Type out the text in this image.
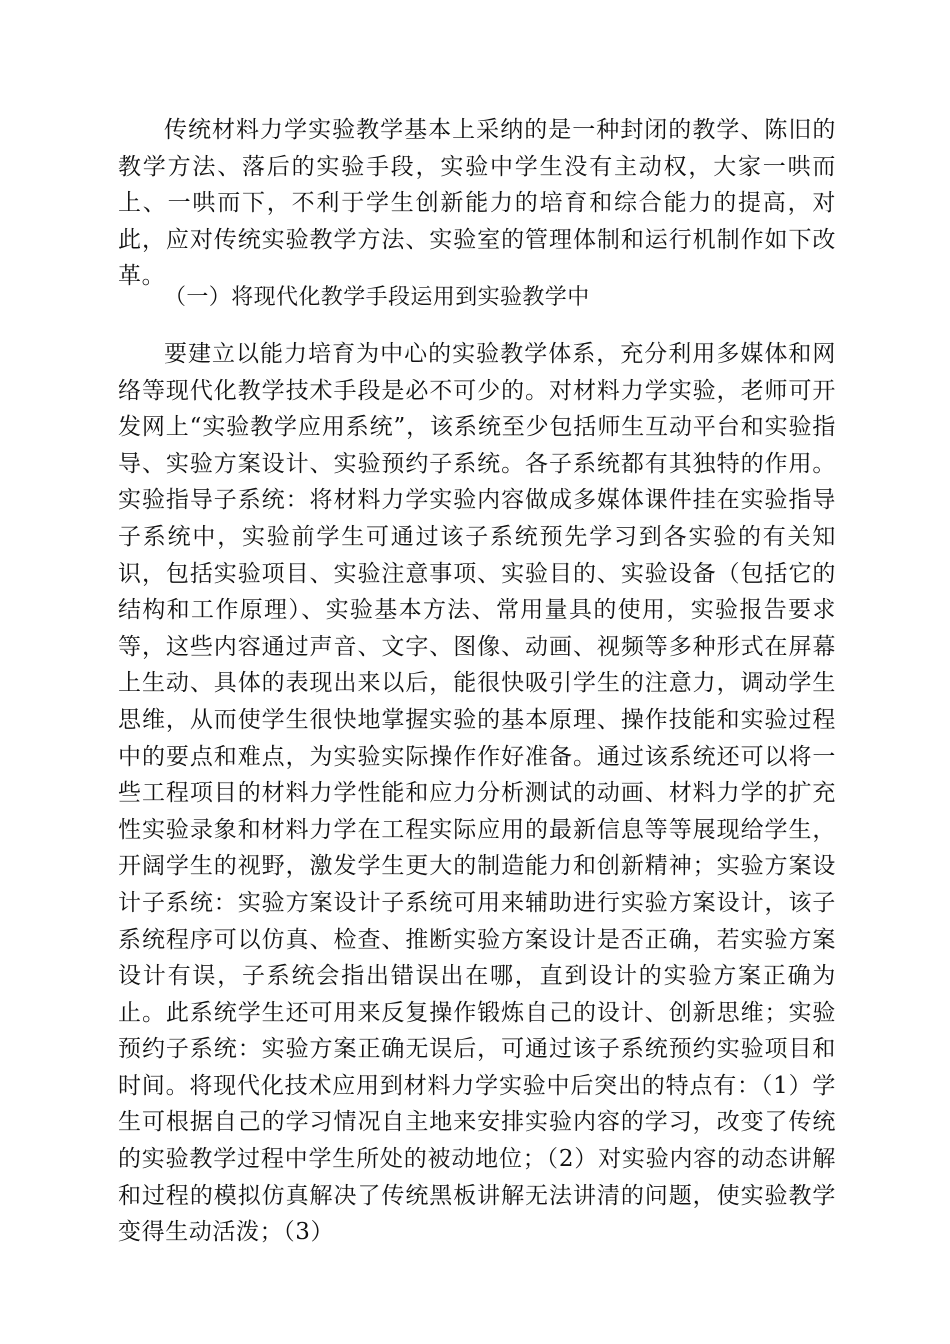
传统材料力学实验教学基本上采纳的是一种封闭的教学、陈旧的教学方法、落后的实验手段，实验中学生没有主动权，大家一哄而上、一哄而下，不利于学生创新能力的培育和综合能力的提高，对此，应对传统实验教学方法、实验室的管理体制和运行机制作如下改革。

（一）将现代化教学手段运用到实验教学中

要建立以能力培育为中心的实验教学体系，充分利用多媒体和网络等现代化教学技术手段是必不可少的。对材料力学实验，老师可开发网上“实验教学应用系统”，该系统至少包括师生互动平台和实验指导、实验方案设计、实验预约子系统。各子系统都有其独特的作用。实验指导子系统：将材料力学实验内容做成多媒体课件挂在实验指导子系统中，实验前学生可通过该子系统预先学习到各实验的有关知识，包括实验项目、实验注意事项、实验目的、实验设备（包括它的结构和工作原理）、实验基本方法、常用量具的使用，实验报告要求等，这些内容通过声音、文字、图像、动画、视频等多种形式在屏幕上生动、具体的表现出来以后，能很快吸引学生的注意力，调动学生思维，从而使学生很快地掌握实验的基本原理、操作技能和实验过程中的要点和难点，为实验实际操作作好准备。通过该系统还可以将一些工程项目的材料力学性能和应力分析测试的动画、材料力学的扩充性实验录象和材料力学在工程实际应用的最新信息等等展现给学生，开阔学生的视野，激发学生更大的制造能力和创新精神；实验方案设计子系统：实验方案设计子系统可用来辅助进行实验方案设计，该子系统程序可以仿真、检查、推断实验方案设计是否正确，若实验方案设计有误，子系统会指出错误出在哪，直到设计的实验方案正确为止。此系统学生还可用来反复操作锻炼自己的设计、创新思维；实验预约子系统：实验方案正确无误后，可通过该子系统预约实验项目和时间。将现代化技术应用到材料力学实验中后突出的特点有：（1）学生可根据自己的学习情况自主地来安排实验内容的学习，改变了传统的实验教学过程中学生所处的被动地位；（2）对实验内容的动态讲解和过程的模拟仿真解决了传统黑板讲解无法讲清的问题，使实验教学变得生动活泼；（3）
